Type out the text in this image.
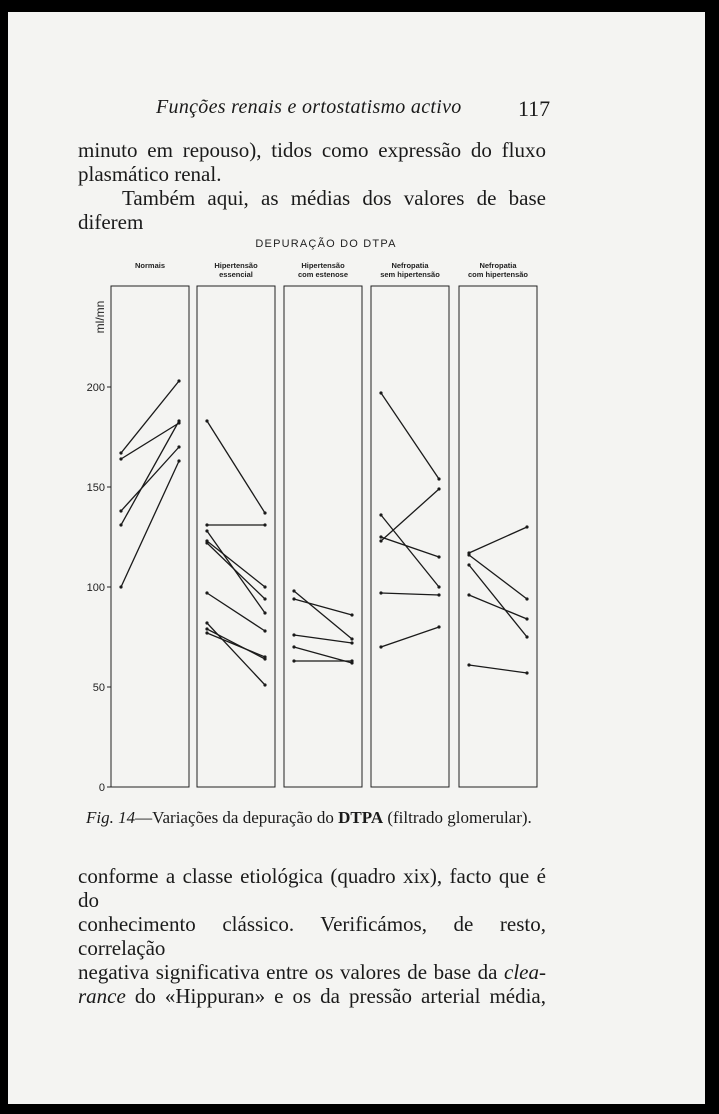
Funções renais e ortostatismo activo	117
minuto em repouso), tidos como expressão do fluxo
plasmático renal.
Também aqui, as médias dos valores de base diferem
DEPURAÇÃO DO DTPA
ml/mn
200
150
100
50
0
Normais	Hipertensão
essencial
Hipertensão
com estenose
Nefropatia
sem hipertensão
Nefropatia
com hipertensão
Fig. 14—Variações da depuração do DTPA (filtrado glomerular).
conforme a classe etiológica (quadro xix), facto que é do
conhecimento clássico. Verificámos, de resto, correlação
negativa significativa entre os valores de base da clea-
rance do «Hippuran» e os da pressão arterial média,
